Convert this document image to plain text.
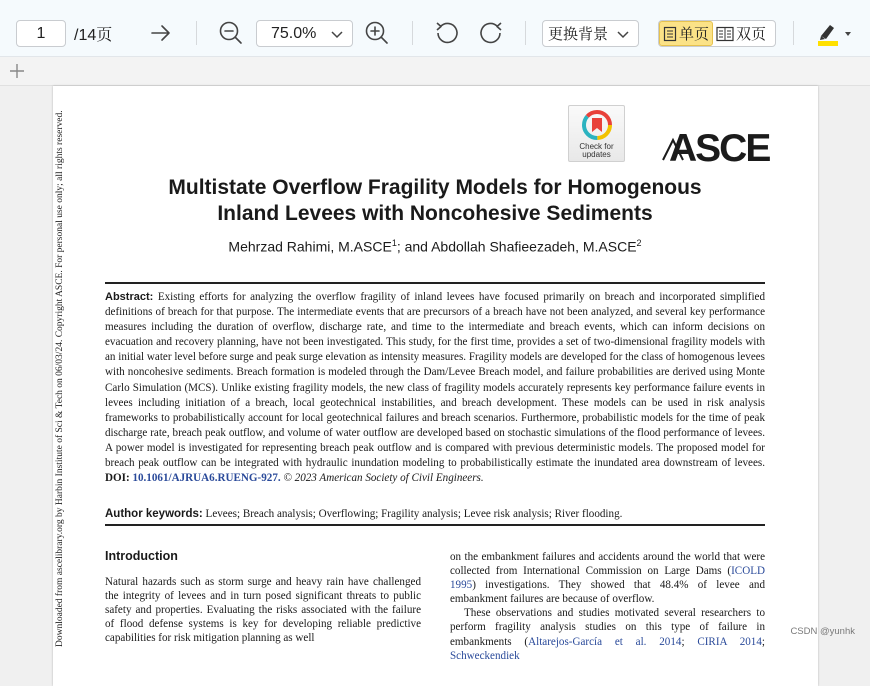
1	/14页	75.0%	更换背景	单页 双页
Downloaded from ascelibrary.org by Harbin Institute of Sci & Tech on 06/03/24. Copyright ASCE. For personal use only; all rights reserved.	Check for updates ASCE
Multistate Overflow Fragility Models for Homogenous
Inland Levees with Noncohesive Sediments
Mehrzad Rahimi, M.ASCE$^1$; and Abdollah Shafieezadeh, M.ASCE$^2$
Abstract: Existing efforts for analyzing the overflow fragility of inland levees have focused primarily on breach and incorporated simplified definitions of breach for that purpose. The intermediate events that are precursors of a breach have not been analyzed, and several key performance measures including the duration of overflow, discharge rate, and time to the intermediate and breach events, which can inform decisions on evacuation and recovery planning, have not been investigated. This study, for the first time, provides a set of two-dimensional fragility models with an initial water level before surge and peak surge elevation as intensity measures. Fragility models are developed for the class of homogenous levees with noncohesive sediments. Breach formation is modeled through the Dam/Levee Breach model, and failure probabilities are derived using Monte Carlo Simulation (MCS). Unlike existing fragility models, the new class of fragility models accurately represents key performance failure events in levees including initiation of a breach, local geotechnical instabilities, and breach development. These models can be used in risk analysis frameworks to probabilistically account for local geotechnical failures and breach scenarios. Furthermore, probabilistic models for the time of peak discharge rate, breach peak outflow, and volume of water outflow are developed based on stochastic simulations of the flood performance of levees. A power model is investigated for representing breach peak outflow and is compared with previous deterministic models. The proposed model for breach peak outflow can be integrated with hydraulic inundation modeling to probabilistically estimate the inundated area downstream of levees. DOI: 10.1061/AJRUA6.RUENG-927. © 2023 American Society of Civil Engineers.
Author keywords: Levees; Breach analysis; Overflowing; Fragility analysis; Levee risk analysis; River flooding.
Introduction

Natural hazards such as storm surge and heavy rain have challenged the integrity of levees and in turn posed significant threats to public safety and properties. Evaluating the risks associated with the failure of flood defense systems is key for developing reliable predictive capabilities for risk mitigation planning as well

on the embankment failures and accidents around the world that were collected from International Commission on Large Dams (ICOLD 1995) investigations. They showed that 48.4% of levee and embankment failures are because of overflow.

These observations and studies motivated several researchers to perform fragility analysis studies on this type of failure in embankments (Altarejos-García et al. 2014; CIRIA 2014; Schweckendiek

CSDN @yunhk
